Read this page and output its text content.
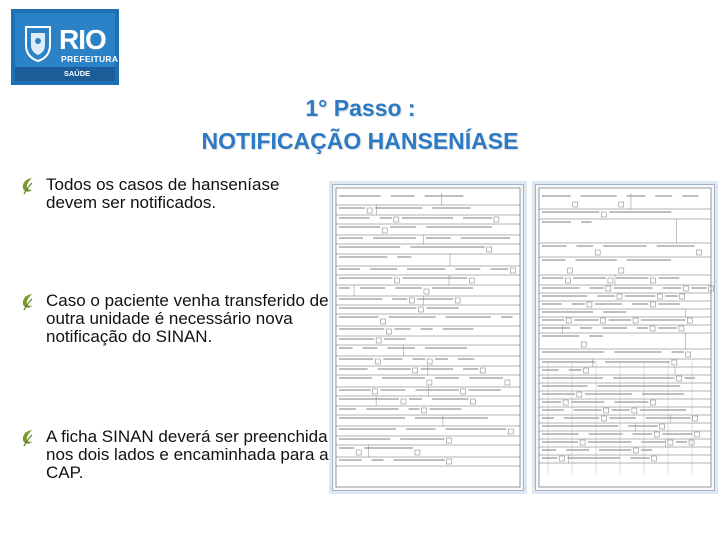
RIO
PREFEITURA
SAÚDE
1° Passo :
NOTIFICAÇÃO HANSENÍASE
Todos os casos de hanseníase devem ser notificados.
Caso o paciente venha transferido de outra unidade é necessário nova notificação do SINAN.
A ficha SINAN deverá ser preenchida nos dois lados e encaminhada para a CAP.
